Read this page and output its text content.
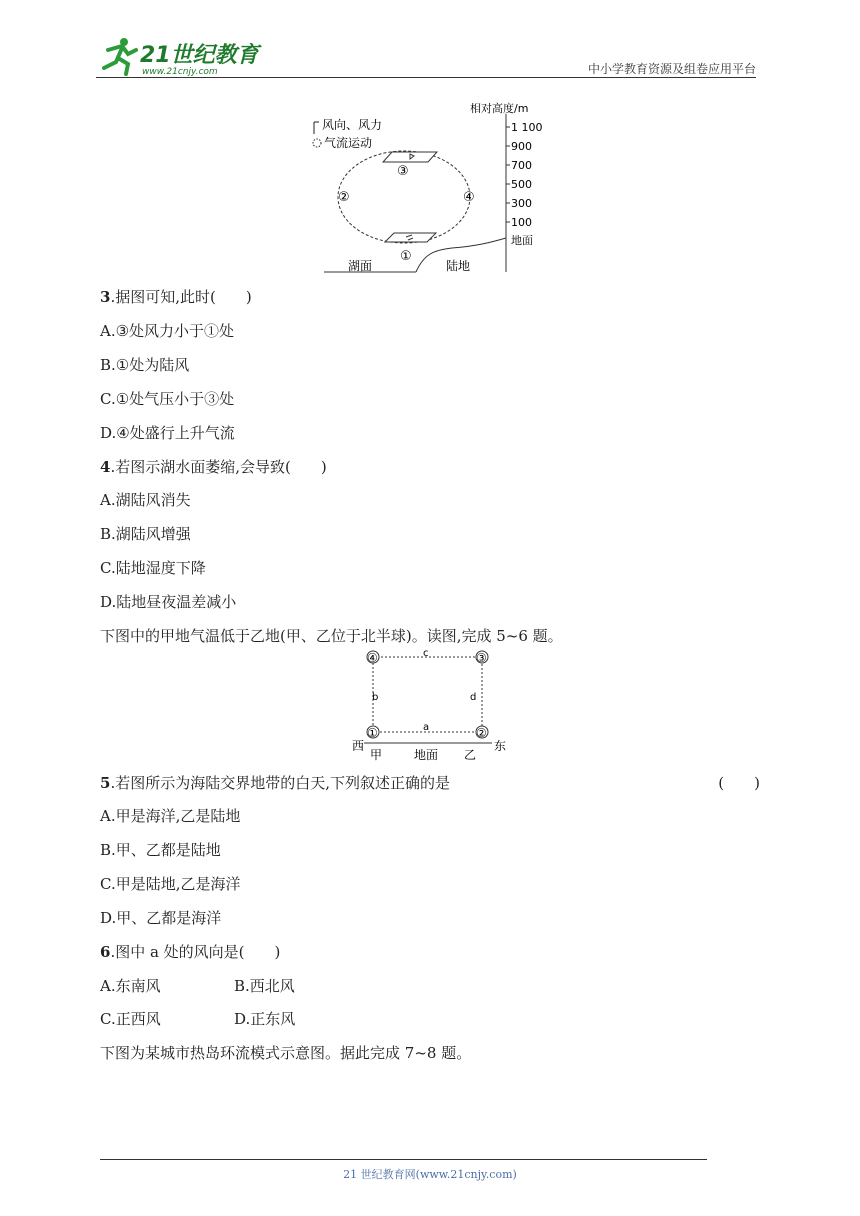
21世纪教育
www.21cnjy.com	中小学教育资源及组卷应用平台
风向、风力
气流运动
③
②	④
①
湖面	陆地
相对高度/m
1 100
900
700
500
300
100
地面
3.据图可知,此时(　　)
A.③处风力小于①处
B.①处为陆风
C.①处气压小于③处
D.④处盛行上升气流
4.若图示湖水面萎缩,会导致(　　)
A.湖陆风消失
B.湖陆风增强
C.陆地湿度下降
D.陆地昼夜温差减小
下图中的甲地气温低于乙地(甲、乙位于北半球)。读图,完成 5~6 题。
④	③
①	②
c
b	d
a
西	东
甲	地面 乙
5.若图所示为海陆交界地带的白天,下列叙述正确的是	(　　)
A.甲是海洋,乙是陆地
B.甲、乙都是陆地
C.甲是陆地,乙是海洋
D.甲、乙都是海洋
6.图中 a 处的风向是(　　)
A.东南风	B.西北风
C.正西风	D.正东风
下图为某城市热岛环流模式示意图。据此完成 7~8 题。
21 世纪教育网(www.21cnjy.com)
